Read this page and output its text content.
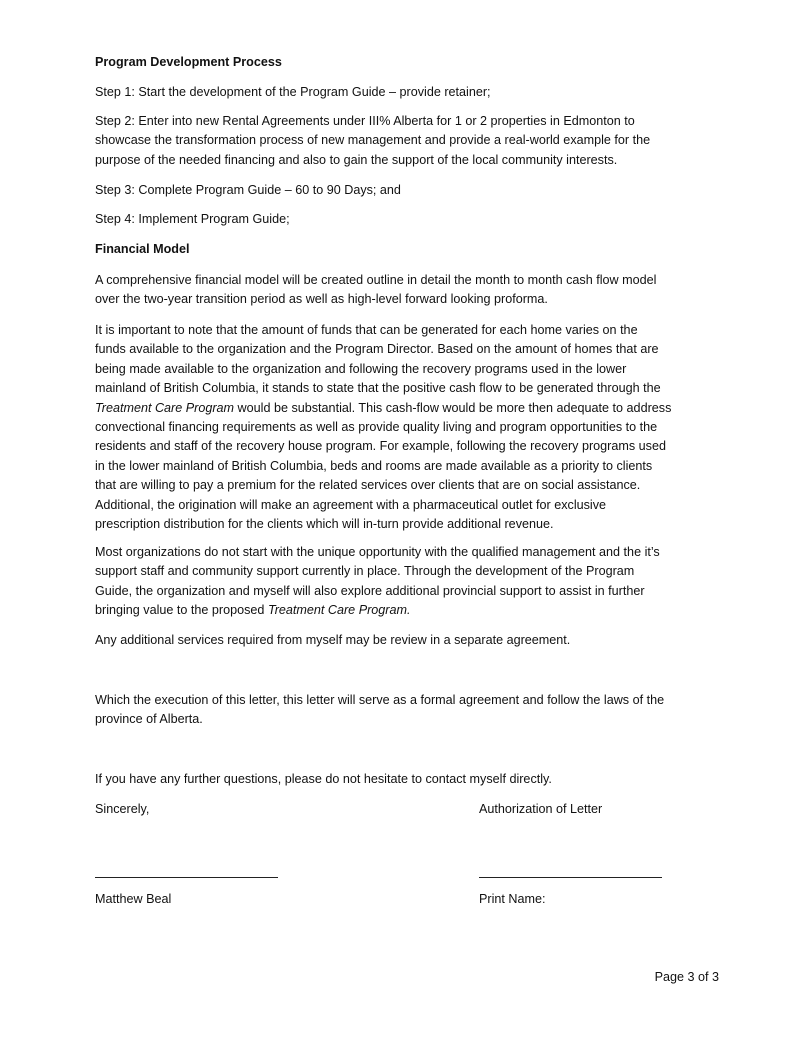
Program Development Process
Step 1: Start the development of the Program Guide – provide retainer;
Step 2: Enter into new Rental Agreements under III% Alberta for 1 or 2 properties in Edmonton to
showcase the transformation process of new management and provide a real-world example for the
purpose of the needed financing and also to gain the support of the local community interests.
Step 3: Complete Program Guide – 60 to 90 Days; and
Step 4: Implement Program Guide;
Financial Model
A comprehensive financial model will be created outline in detail the month to month cash flow model
over the two-year transition period as well as high-level forward looking proforma.
It is important to note that the amount of funds that can be generated for each home varies on the
funds available to the organization and the Program Director. Based on the amount of homes that are
being made available to the organization and following the recovery programs used in the lower
mainland of British Columbia, it stands to state that the positive cash flow to be generated through the
Treatment Care Program would be substantial. This cash-flow would be more then adequate to address
convectional financing requirements as well as provide quality living and program opportunities to the
residents and staff of the recovery house program. For example, following the recovery programs used
in the lower mainland of British Columbia, beds and rooms are made available as a priority to clients
that are willing to pay a premium for the related services over clients that are on social assistance.
Additional, the origination will make an agreement with a pharmaceutical outlet for exclusive
prescription distribution for the clients which will in-turn provide additional revenue.
Most organizations do not start with the unique opportunity with the qualified management and the it’s
support staff and community support currently in place. Through the development of the Program
Guide, the organization and myself will also explore additional provincial support to assist in further
bringing value to the proposed Treatment Care Program.
Any additional services required from myself may be review in a separate agreement.
Which the execution of this letter, this letter will serve as a formal agreement and follow the laws of the
province of Alberta.
If you have any further questions, please do not hesitate to contact myself directly.
Sincerely,	Authorization of Letter
Matthew Beal	Print Name:
Page 3 of 3
